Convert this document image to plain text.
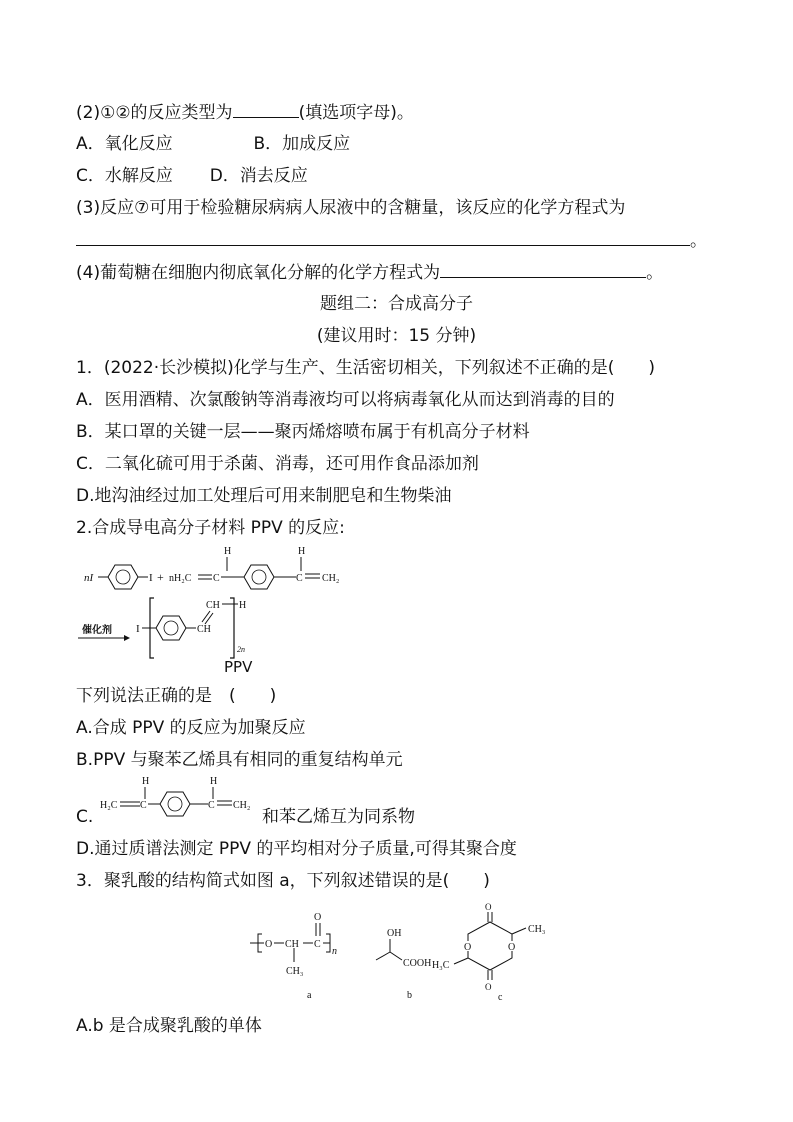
(2)①②的反应类型为	(填选项字母)。
A．氧化反应	B．加成反应
C．水解反应 D．消去反应
(3)反应⑦可用于检验糖尿病病人尿液中的含糖量，该反应的化学方程式为
。
(4)葡萄糖在细胞内彻底氧化分解的化学方程式为	。
题组二：合成高分子
(建议用时：15 分钟)
1．(2022·长沙模拟)化学与生产、生活密切相关，下列叙述不正确的是(　　)
A．医用酒精、次氯酸钠等消毒液均可以将病毒氧化从而达到消毒的目的
B．某口罩的关键一层——聚丙烯熔喷布属于有机高分子材料
C．二氧化硫可用于杀菌、消毒，还可用作食品添加剂
D.地沟油经过加工处理后可用来制肥皂和生物柴油
2.合成导电高分子材料 PPV 的反应:
nI	I + nH₂C C
H
C
H
CH₂
催化剂 I	CH
CH H
2n
PPV
下列说法正确的是　(　　)
A.合成 PPV 的反应为加聚反应
B.PPV 与聚苯乙烯具有相同的重复结构单元
C.
H₂C C
H
C
H
CH₂
和苯乙烯互为同系物
D.通过质谱法测定 PPV 的平均相对分子质量,可得其聚合度
3．聚乳酸的结构简式如图 a，下列叙述错误的是(　　)
O CH C
O
n
CH₃
a
OH
COOH
b
O	O
O
O
CH₃
H₃C
c
A.b 是合成聚乳酸的单体
